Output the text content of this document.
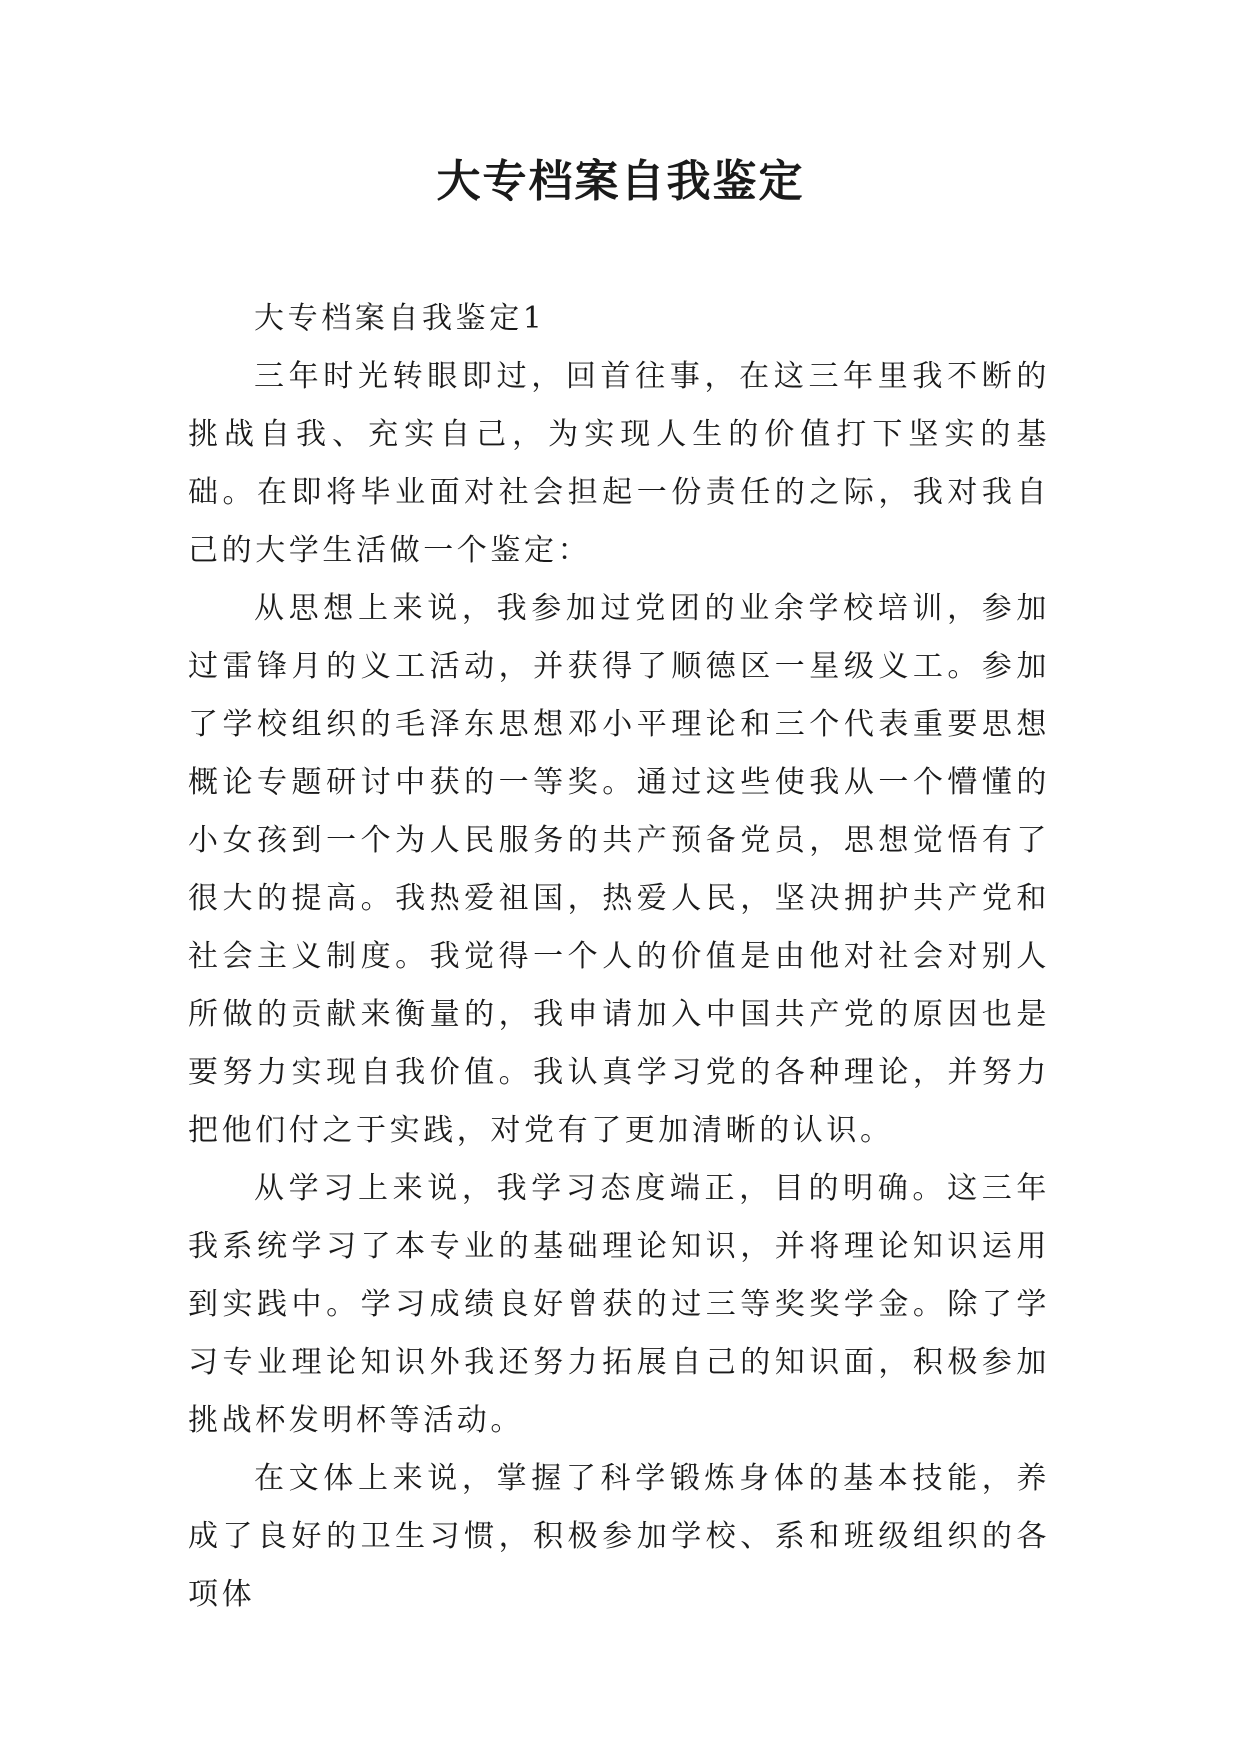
大专档案自我鉴定

大专档案自我鉴定1

三年时光转眼即过，回首往事，在这三年里我不断的挑战自我、充实自己，为实现人生的价值打下坚实的基础。在即将毕业面对社会担起一份责任的之际，我对我自己的大学生活做一个鉴定：

从思想上来说，我参加过党团的业余学校培训，参加过雷锋月的义工活动，并获得了顺德区一星级义工。参加了学校组织的毛泽东思想邓小平理论和三个代表重要思想概论专题研讨中获的一等奖。通过这些使我从一个懵懂的小女孩到一个为人民服务的共产预备党员，思想觉悟有了很大的提高。我热爱祖国，热爱人民，坚决拥护共产党和社会主义制度。我觉得一个人的价值是由他对社会对别人所做的贡献来衡量的，我申请加入中国共产党的原因也是要努力实现自我价值。我认真学习党的各种理论，并努力把他们付之于实践，对党有了更加清晰的认识。

从学习上来说，我学习态度端正，目的明确。这三年我系统学习了本专业的基础理论知识，并将理论知识运用到实践中。学习成绩良好曾获的过三等奖奖学金。除了学习专业理论知识外我还努力拓展自己的知识面，积极参加挑战杯发明杯等活动。

在文体上来说，掌握了科学锻炼身体的基本技能，养成了良好的卫生习惯，积极参加学校、系和班级组织的各项体
